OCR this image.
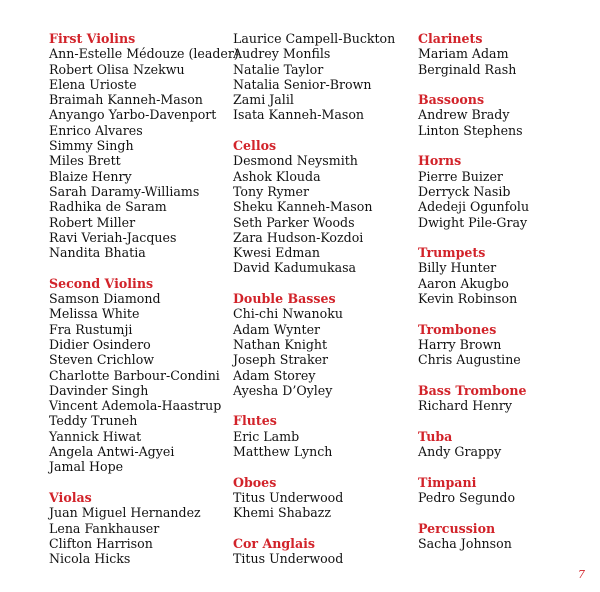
First Violins
Ann-Estelle Médouze (leader)
Robert Olisa Nzekwu
Elena Urioste
Braimah Kanneh-Mason
Anyango Yarbo-Davenport
Enrico Alvares
Simmy Singh
Miles Brett
Blaize Henry
Sarah Daramy-Williams
Radhika de Saram
Robert Miller
Ravi Veriah-Jacques
Nandita Bhatia
Second Violins
Samson Diamond
Melissa White
Fra Rustumji
Didier Osindero
Steven Crichlow
Charlotte Barbour-Condini
Davinder Singh
Vincent Ademola-Haastrup
Teddy Truneh
Yannick Hiwat
Angela Antwi-Agyei
Jamal Hope
Violas
Juan Miguel Hernandez
Lena Fankhauser
Clifton Harrison
Nicola Hicks
Laurice Campell-Buckton
Audrey Monfils
Natalie Taylor
Natalia Senior-Brown
Zami Jalil
Isata Kanneh-Mason
Cellos
Desmond Neysmith
Ashok Klouda
Tony Rymer
Sheku Kanneh-Mason
Seth Parker Woods
Zara Hudson-Kozdoi
Kwesi Edman
David Kadumukasa
Double Basses
Chi-chi Nwanoku
Adam Wynter
Nathan Knight
Joseph Straker
Adam Storey
Ayesha D’Oyley
Flutes
Eric Lamb
Matthew Lynch
Oboes
Titus Underwood
Khemi Shabazz
Cor Anglais
Titus Underwood
Clarinets
Mariam Adam
Berginald Rash
Bassoons
Andrew Brady
Linton Stephens
Horns
Pierre Buizer
Derryck Nasib
Adedeji Ogunfolu
Dwight Pile-Gray
Trumpets
Billy Hunter
Aaron Akugbo
Kevin Robinson
Trombones
Harry Brown
Chris Augustine
Bass Trombone
Richard Henry
Tuba
Andy Grappy
Timpani
Pedro Segundo
Percussion
Sacha Johnson
7
